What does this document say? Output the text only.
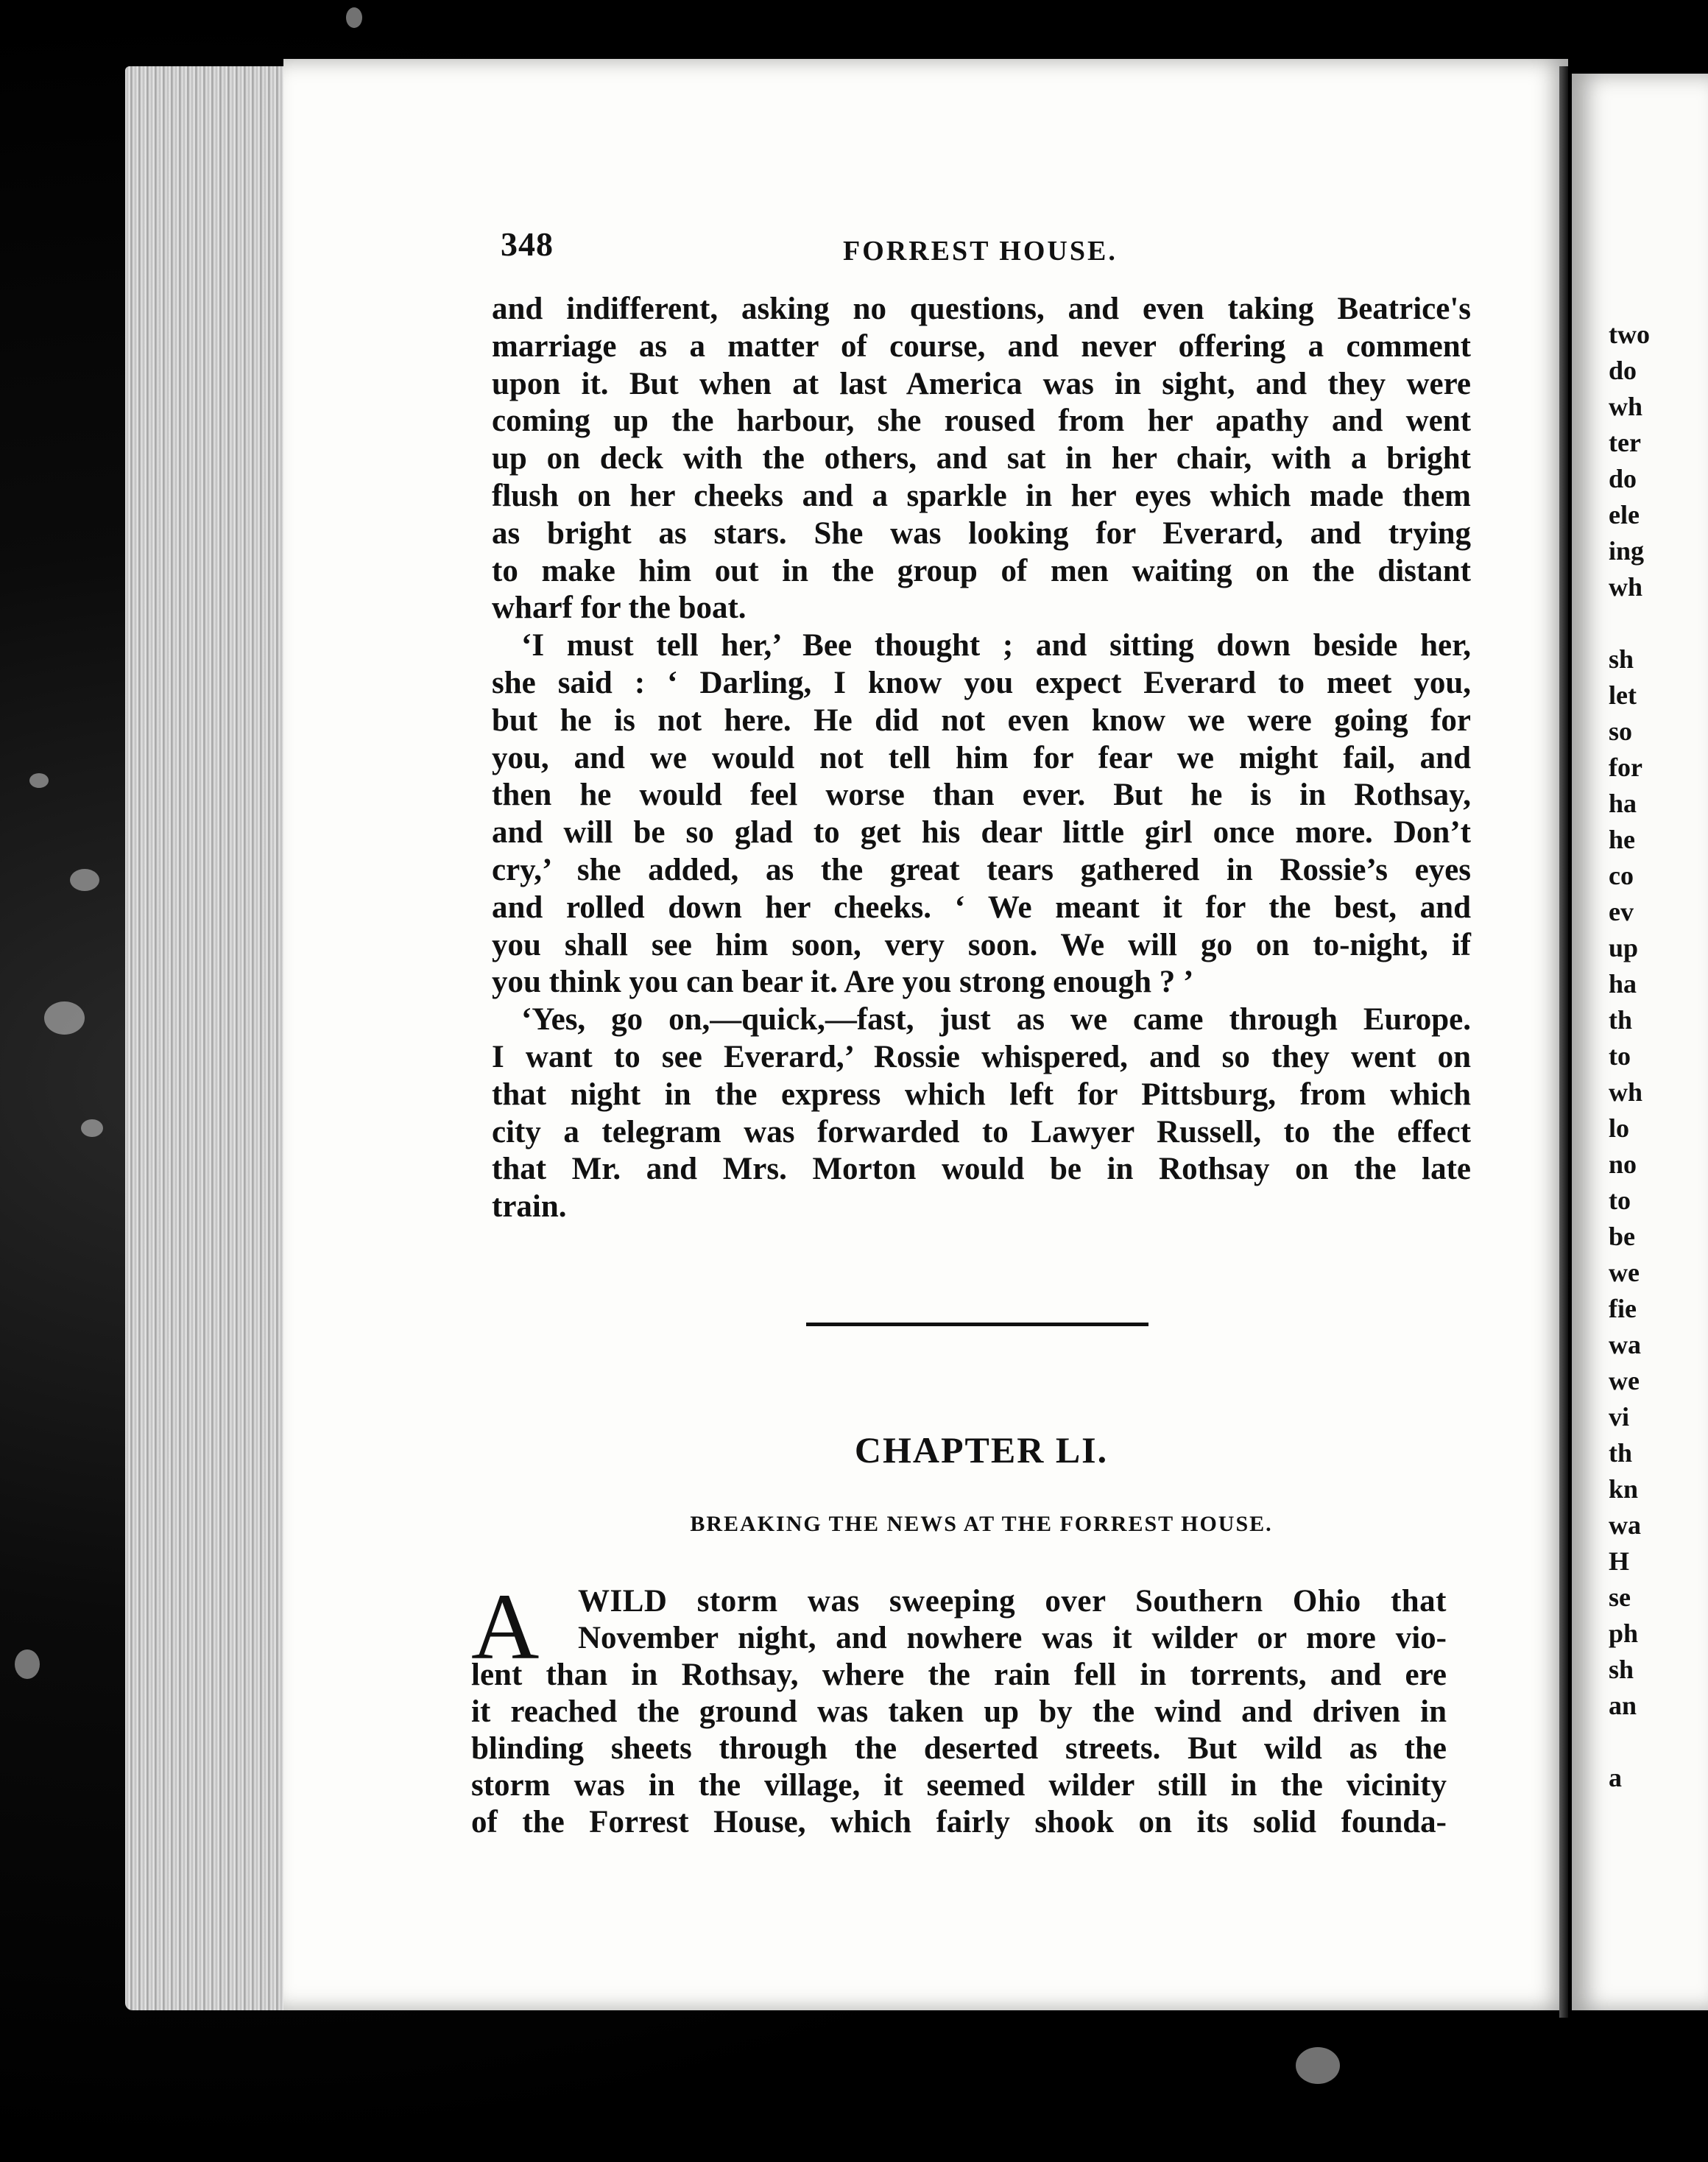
348	FORREST HOUSE.
and indifferent, asking no questions, and even taking Beatrice's
marriage as a matter of course, and never offering a comment
upon it. But when at last America was in sight, and they were
coming up the harbour, she roused from her apathy and went
up on deck with the others, and sat in her chair, with a bright
flush on her cheeks and a sparkle in her eyes which made them
as bright as stars. She was looking for Everard, and trying
to make him out in the group of men waiting on the distant
wharf for the boat.
‘I must tell her,’ Bee thought ; and sitting down beside her,
she said : ‘ Darling, I know you expect Everard to meet you,
but he is not here. He did not even know we were going for
you, and we would not tell him for fear we might fail, and
then he would feel worse than ever. But he is in Rothsay,
and will be so glad to get his dear little girl once more. Don’t
cry,’ she added, as the great tears gathered in Rossie’s eyes
and rolled down her cheeks. ‘ We meant it for the best, and
you shall see him soon, very soon. We will go on to-night, if
you think you can bear it. Are you strong enough ? ’
‘Yes, go on,—quick,—fast, just as we came through Europe.
I want to see Everard,’ Rossie whispered, and so they went on
that night in the express which left for Pittsburg, from which
city a telegram was forwarded to Lawyer Russell, to the effect
that Mr. and Mrs. Morton would be in Rothsay on the late
train.
CHAPTER LI.
BREAKING THE NEWS AT THE FORREST HOUSE.
A	WILD storm was sweeping over Southern Ohio that
November night, and nowhere was it wilder or more vio-
lent than in Rothsay, where the rain fell in torrents, and ere
it reached the ground was taken up by the wind and driven in
blinding sheets through the deserted streets. But wild as the
storm was in the village, it seemed wilder still in the vicinity
of the Forrest House, which fairly shook on its solid founda-
two
do
wh
ter
do
ele
ing
wh
sh
let
so
for
ha
he
co
ev
up
ha
th
to
wh
lo
no
to
be
we
fie
wa
we
vi
th
kn
wa
H
se
ph
sh
an
a
